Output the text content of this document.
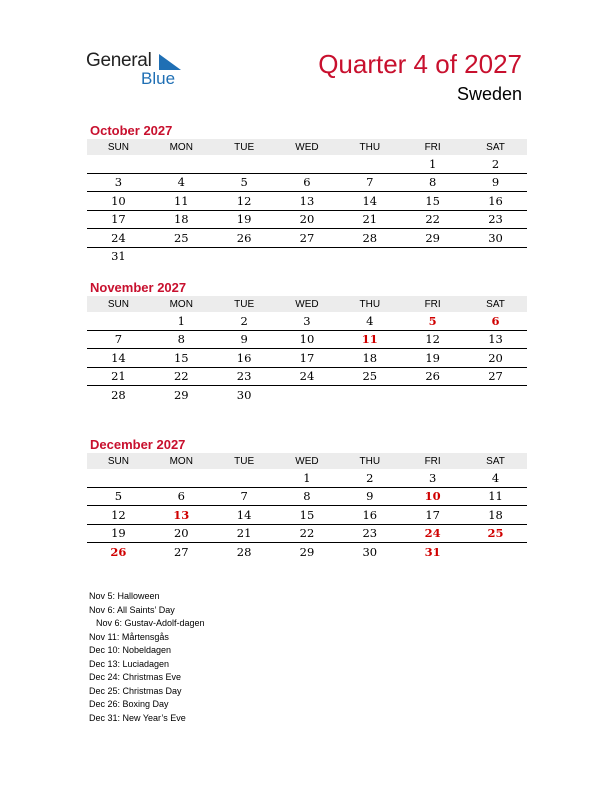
General
Blue	Quarter 4 of 2027
Sweden
October 2027
SUN	MON	TUE	WED	THU	FRI	SAT
					1	2
3	4	5	6	7	8	9
10	11	12	13	14	15	16
17	18	19	20	21	22	23
24	25	26	27	28	29	30
31						
November 2027
SUN	MON	TUE	WED	THU	FRI	SAT
	1	2	3	4	5	6
7	8	9	10	11	12	13
14	15	16	17	18	19	20
21	22	23	24	25	26	27
28	29	30				
December 2027
SUN	MON	TUE	WED	THU	FRI	SAT
			1	2	3	4
5	6	7	8	9	10	11
12	13	14	15	16	17	18
19	20	21	22	23	24	25
26	27	28	29	30	31	
Nov 5: Halloween
Nov 6: All Saints’ Day
Nov 6: Gustav-Adolf-dagen
Nov 11: Mårtensgås
Dec 10: Nobeldagen
Dec 13: Luciadagen
Dec 24: Christmas Eve
Dec 25: Christmas Day
Dec 26: Boxing Day
Dec 31: New Year’s Eve
